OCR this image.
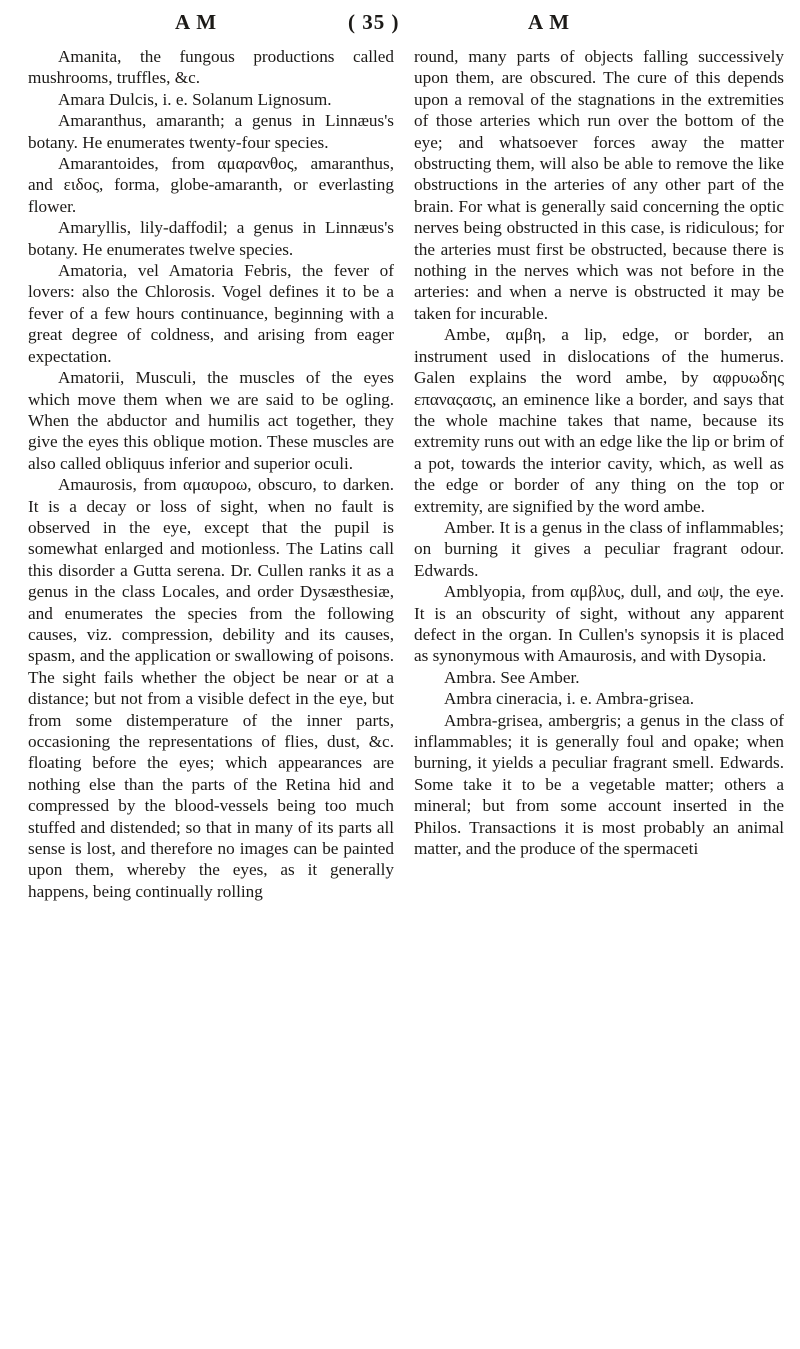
A M	( 35 )	A M

Amanita, the fungous productions called mushrooms, truffles, &c.

Amara Dulcis, i. e. Solanum Lignosum.

Amaranthus, amaranth; a genus in Linnæus's botany. He enumerates twenty-four species.

Amarantoides, from αμαρανθος, amaranthus, and ειδος, forma, globe-amaranth, or everlasting flower.

Amaryllis, lily-daffodil; a genus in Linnæus's botany. He enumerates twelve species.

Amatoria, vel Amatoria Febris, the fever of lovers: also the Chlorosis. Vogel defines it to be a fever of a few hours continuance, beginning with a great degree of coldness, and arising from eager expectation.

Amatorii, Musculi, the muscles of the eyes which move them when we are said to be ogling. When the abductor and humilis act together, they give the eyes this oblique motion. These muscles are also called obliquus inferior and superior oculi.

Amaurosis, from αμαυροω, obscuro, to darken. It is a decay or loss of sight, when no fault is observed in the eye, except that the pupil is somewhat enlarged and motionless. The Latins call this disorder a Gutta serena. Dr. Cullen ranks it as a genus in the class Locales, and order Dysæsthesiæ, and enumerates the species from the following causes, viz. compression, debility and its causes, spasm, and the application or swallowing of poisons. The sight fails whether the object be near or at a distance; but not from a visible defect in the eye, but from some distemperature of the inner parts, occasioning the representations of flies, dust, &c. floating before the eyes; which appearances are nothing else than the parts of the Retina hid and compressed by the blood-vessels being too much stuffed and distended; so that in many of its parts all sense is lost, and therefore no images can be painted upon them, whereby the eyes, as it generally happens, being continually rolling

round, many parts of objects falling successively upon them, are obscured. The cure of this depends upon a removal of the stagnations in the extremities of those arteries which run over the bottom of the eye; and whatsoever forces away the matter obstructing them, will also be able to remove the like obstructions in the arteries of any other part of the brain. For what is generally said concerning the optic nerves being obstructed in this case, is ridiculous; for the arteries must first be obstructed, because there is nothing in the nerves which was not before in the arteries: and when a nerve is obstructed it may be taken for incurable.

Ambe, αμβη, a lip, edge, or border, an instrument used in dislocations of the humerus. Galen explains the word ambe, by αφρυωδης επαναςασις, an eminence like a border, and says that the whole machine takes that name, because its extremity runs out with an edge like the lip or brim of a pot, towards the interior cavity, which, as well as the edge or border of any thing on the top or extremity, are signified by the word ambe.

Amber. It is a genus in the class of inflammables; on burning it gives a peculiar fragrant odour. Edwards.

Amblyopia, from αμβλυς, dull, and ωψ, the eye. It is an obscurity of sight, without any apparent defect in the organ. In Cullen's synopsis it is placed as synonymous with Amaurosis, and with Dysopia.

Ambra. See Amber.

Ambra cineracia, i. e. Ambra-grisea.

Ambra-grisea, ambergris; a genus in the class of inflammables; it is generally foul and opake; when burning, it yields a peculiar fragrant smell. Edwards. Some take it to be a vegetable matter; others a mineral; but from some account inserted in the Philos. Transactions it is most probably an animal matter, and the produce of the spermaceti
